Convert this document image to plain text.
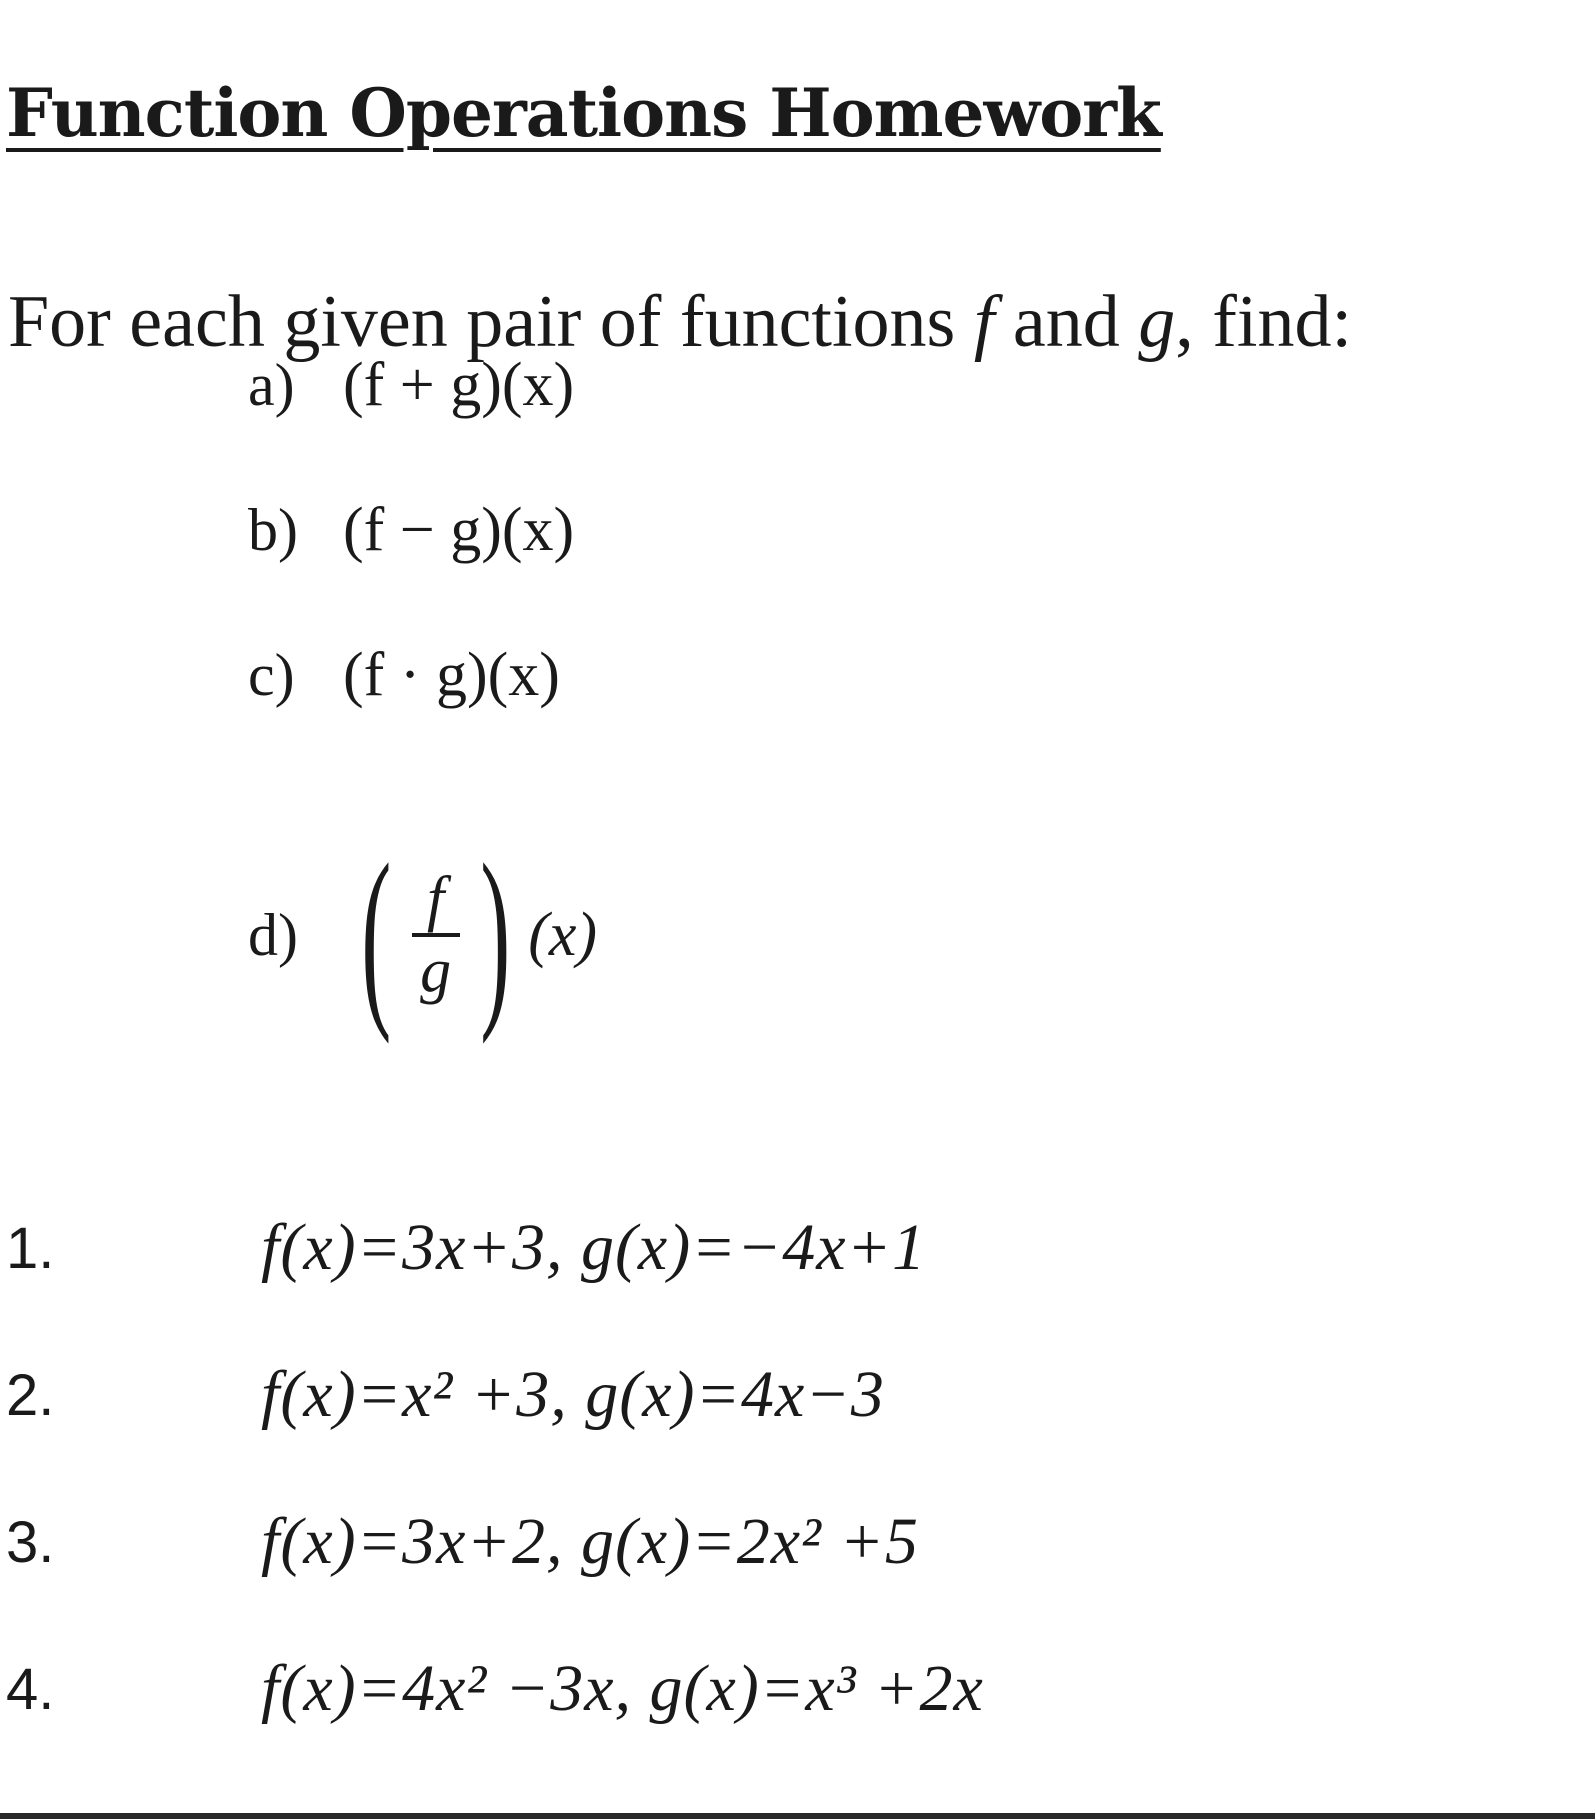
Function Operations Homework
For each given pair of functions f and g, find:
a) (f + g)(x)
b) (f − g)(x)
c) (f · g)(x)
d) ( $\frac{f}{g}$ ) (x)
1.	f(x)=3x+3, g(x)=−4x+1
2.	f(x)=x² +3, g(x)=4x−3
3.	f(x)=3x+2, g(x)=2x² +5
4.	f(x)=4x² −3x, g(x)=x³ +2x
